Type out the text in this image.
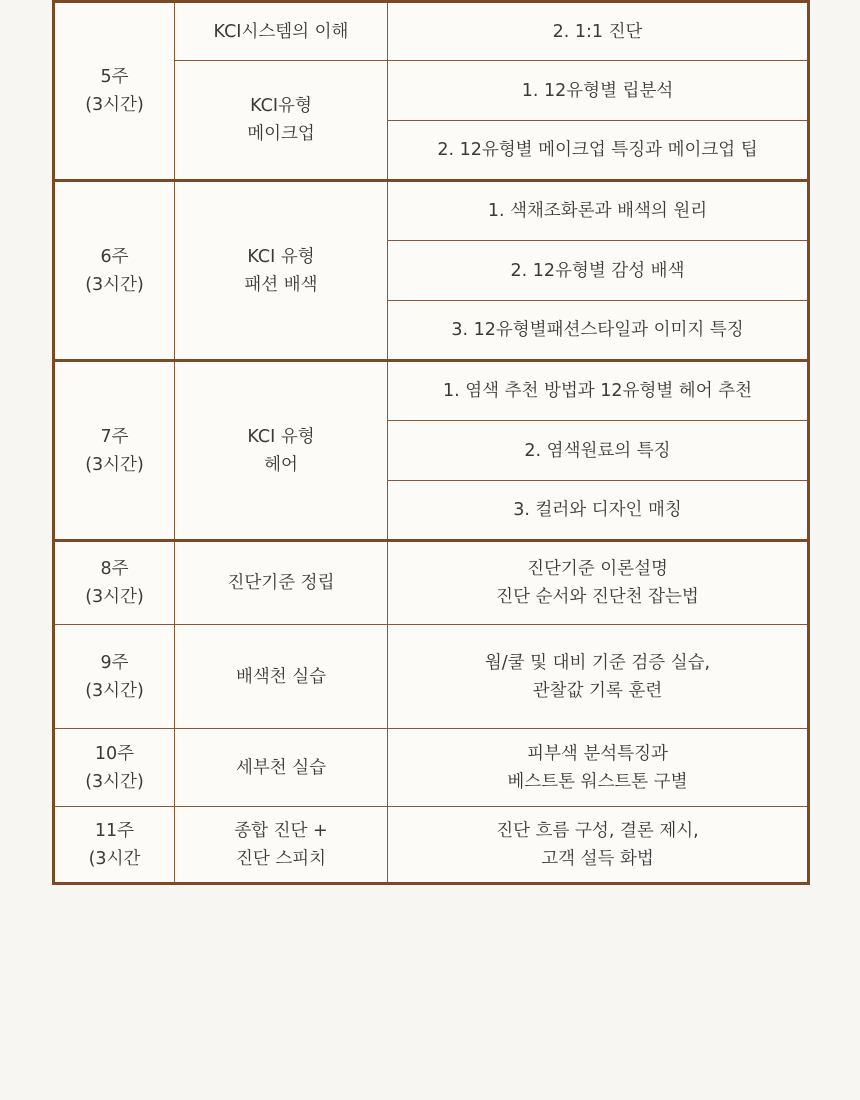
5주
(3시간)	KCI시스템의 이해	2. 1:1 진단

	KCI유형
메이크업	1. 12유형별 립분석
		2. 12유형별 메이크업 특징과 메이크업 팁

6주
(3시간)	KCI 유형
패션 배색	1. 색채조화론과 배색의 원리
		2. 12유형별 감성 배색
		3. 12유형별패션스타일과 이미지 특징

7주
(3시간)	KCI 유형
헤어	1. 염색 추천 방법과 12유형별 헤어 추천
		2. 염색원료의 특징
		3. 컬러와 디자인 매칭

8주
(3시간)	진단기준 정립	진단기준 이론설명
진단 순서와 진단천 잡는법

9주
(3시간)	배색천 실습	웜/쿨 및 대비 기준 검증 실습,
관찰값 기록 훈련

10주
(3시간)	세부천 실습	피부색 분석특징과
베스트톤 워스트톤 구별

11주
(3시간	종합 진단 +
진단 스피치	진단 흐름 구성, 결론 제시,
고객 설득 화법
